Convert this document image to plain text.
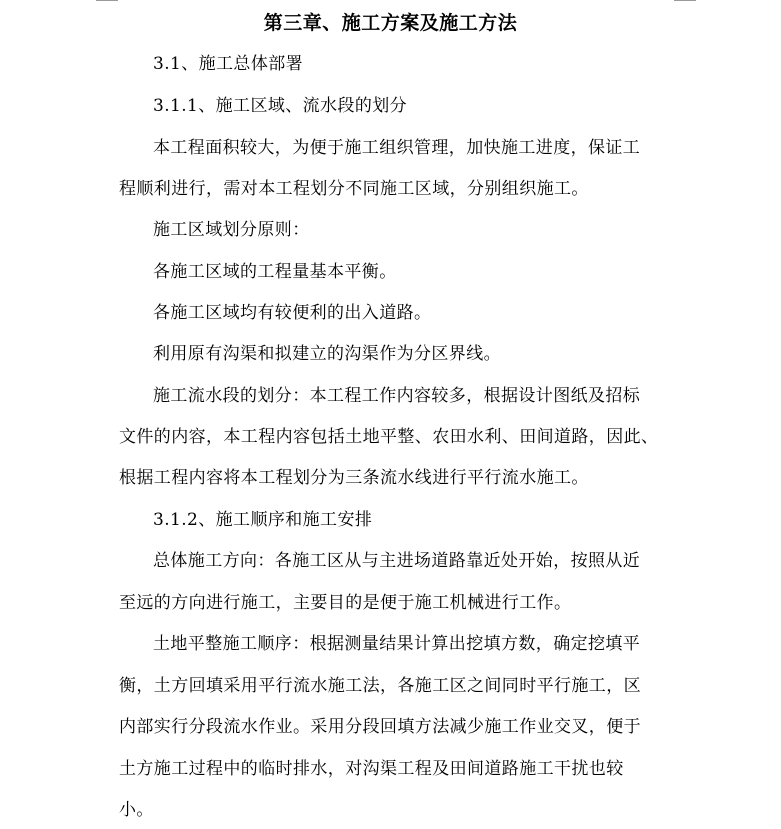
第三章、施工方案及施工方法
3.1、施工总体部署
3.1.1、施工区域、流水段的划分
本工程面积较大，为便于施工组织管理，加快施工进度，保证工
程顺利进行，需对本工程划分不同施工区域，分别组织施工。
施工区域划分原则：
各施工区域的工程量基本平衡。
各施工区域均有较便利的出入道路。
利用原有沟渠和拟建立的沟渠作为分区界线。
施工流水段的划分：本工程工作内容较多，根据设计图纸及招标
文件的内容，本工程内容包括土地平整、农田水利、田间道路，因此、
根据工程内容将本工程划分为三条流水线进行平行流水施工。
3.1.2、施工顺序和施工安排
总体施工方向：各施工区从与主进场道路靠近处开始，按照从近
至远的方向进行施工，主要目的是便于施工机械进行工作。
土地平整施工顺序：根据测量结果计算出挖填方数，确定挖填平
衡，土方回填采用平行流水施工法，各施工区之间同时平行施工，区
内部实行分段流水作业。采用分段回填方法减少施工作业交叉，便于
土方施工过程中的临时排水，对沟渠工程及田间道路施工干扰也较
小。
